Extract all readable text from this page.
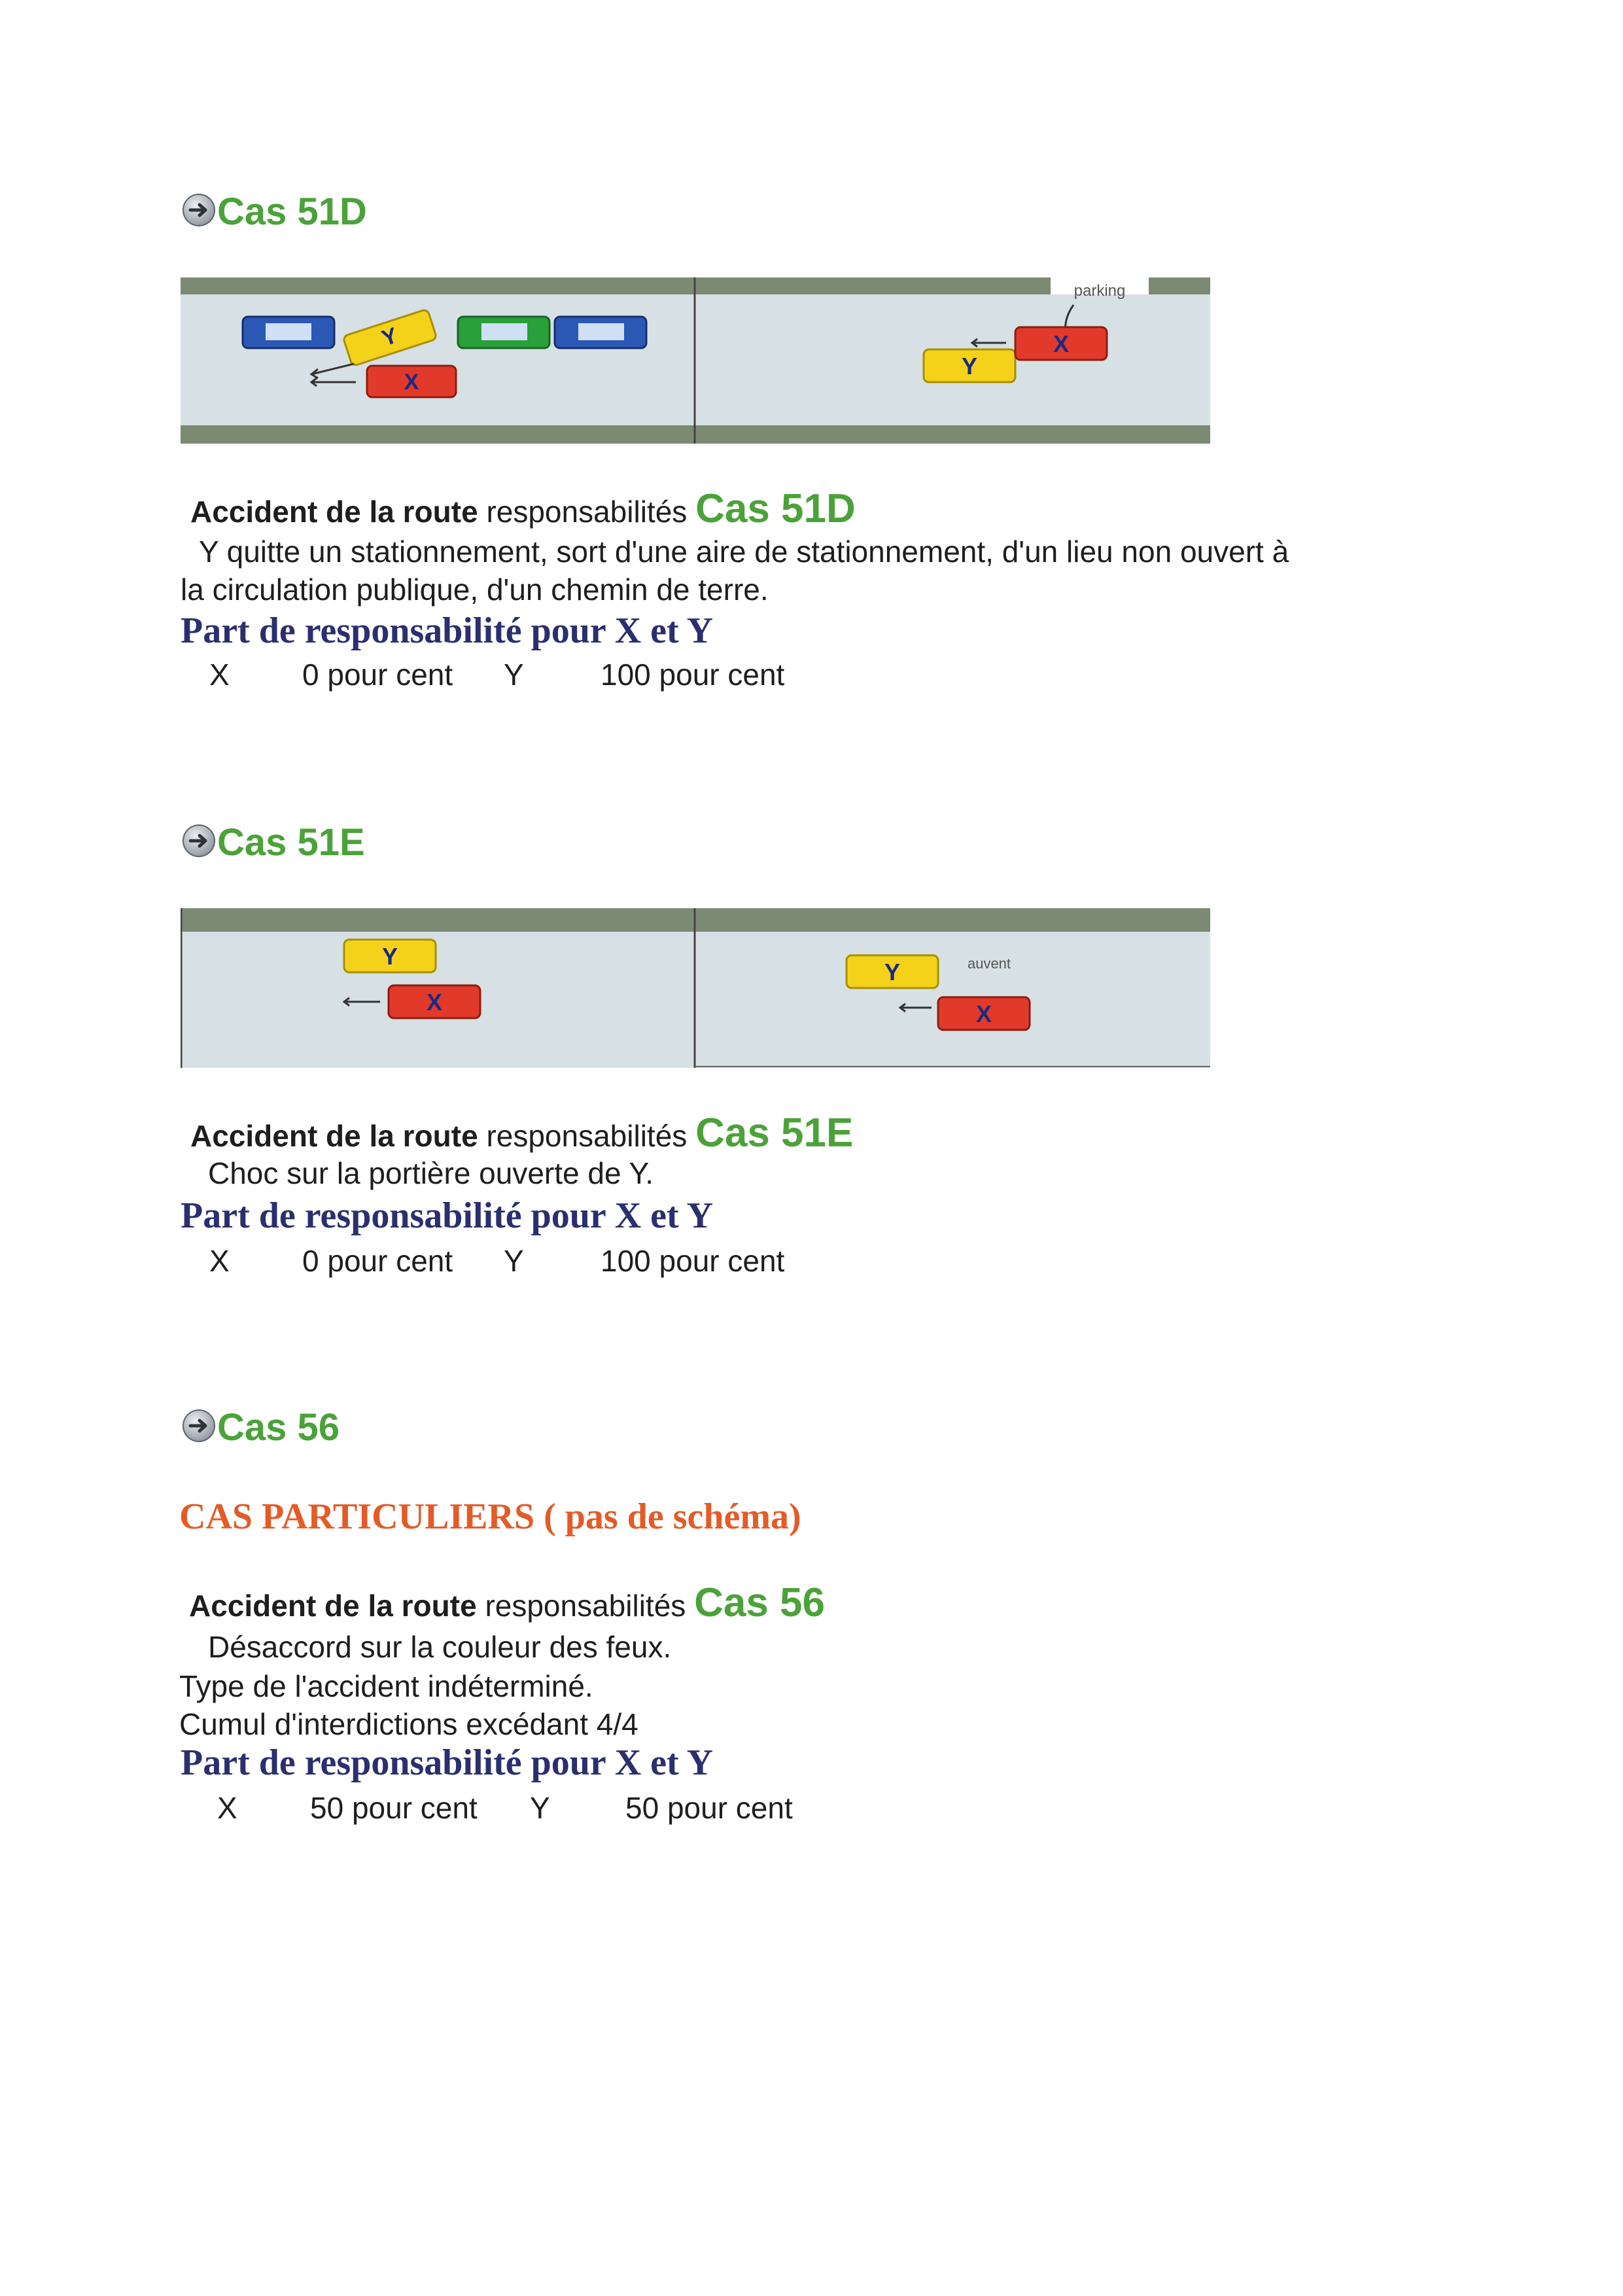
Cas 51D
Y
X
parking
Y
X
Accident de la route responsabilités Cas 51D
Y quitte un stationnement, sort d'une aire de stationnement, d'un lieu non ouvert à
la circulation publique, d'un chemin de terre.
Part de responsabilité pour X et Y
X 0 pour cent Y	100 pour cent
Cas 51E
Y
X
Y	auvent
X
Accident de la route responsabilités Cas 51E
Choc sur la portière ouverte de Y.
Part de responsabilité pour X et Y
X 0 pour cent Y	100 pour cent
Cas 56
CAS PARTICULIERS ( pas de schéma)
Accident de la route responsabilités Cas 56
Désaccord sur la couleur des feux.
Type de l'accident indéterminé.
Cumul d'interdictions excédant 4/4
Part de responsabilité pour X et Y
X 50 pour cent Y	50 pour cent
